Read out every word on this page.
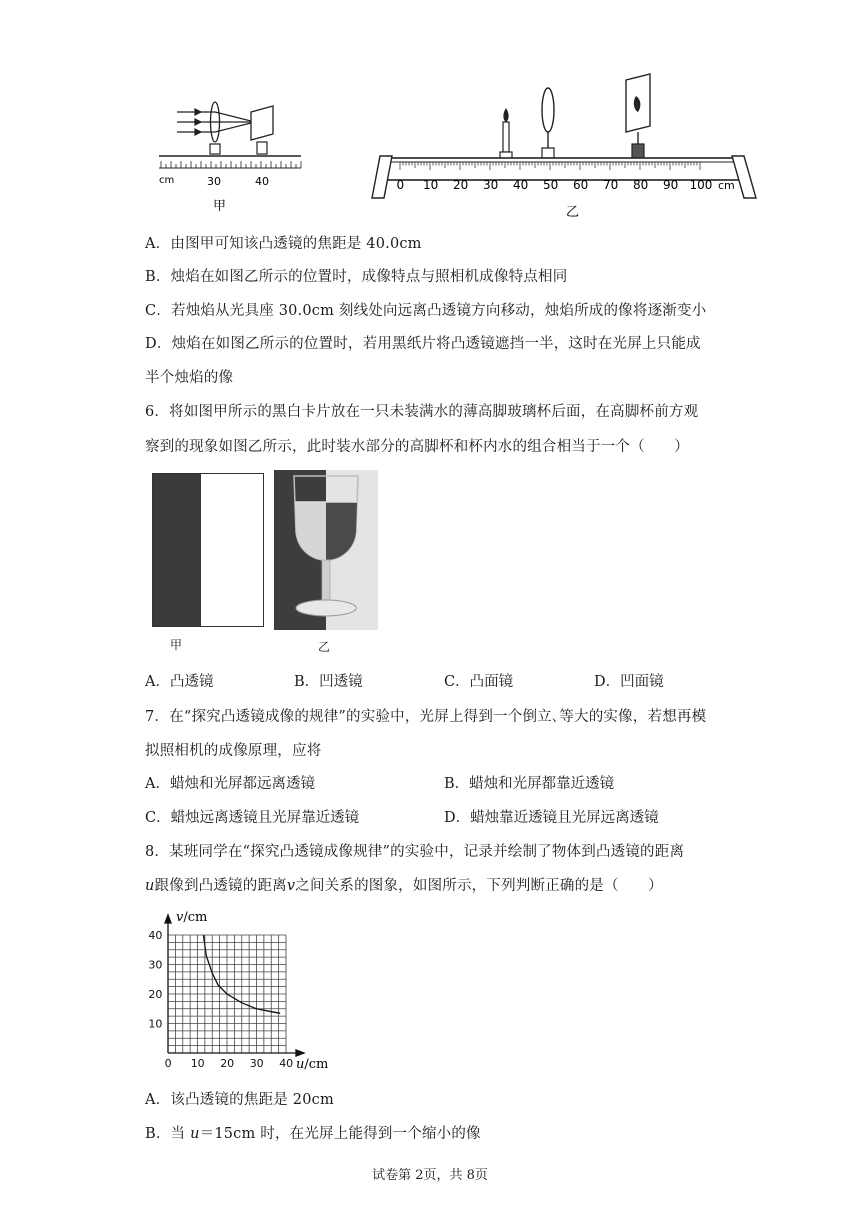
cm	30	40
甲
0 10 20 30 40 50 60 70 80 90 100 cm
乙
A．由图甲可知该凸透镜的焦距是 40.0cm
B．烛焰在如图乙所示的位置时，成像特点与照相机成像特点相同
C．若烛焰从光具座 30.0cm 刻线处向远离凸透镜方向移动，烛焰所成的像将逐渐变小
D．烛焰在如图乙所示的位置时，若用黑纸片将凸透镜遮挡一半，这时在光屏上只能成
半个烛焰的像
6．将如图甲所示的黑白卡片放在一只未装满水的薄高脚玻璃杯后面，在高脚杯前方观
察到的现象如图乙所示，此时装水部分的高脚杯和杯内水的组合相当于一个（　　）
甲	乙
A．凸透镜	B．凹透镜	C．凸面镜	D．凹面镜
7．在“探究凸透镜成像的规律”的实验中，光屏上得到一个倒立､等大的实像，若想再模
拟照相机的成像原理，应将
A．蜡烛和光屏都远离透镜	B．蜡烛和光屏都靠近透镜
C．蜡烛远离透镜且光屏靠近透镜	D．蜡烛靠近透镜且光屏远离透镜
8．某班同学在“探究凸透镜成像规律”的实验中，记录并绘制了物体到凸透镜的距离
u跟像到凸透镜的距离v之间关系的图象，如图所示，下列判断正确的是（　　）
0 10 20 30 40
10
20
30
40
v/cm
u/cm
A．该凸透镜的焦距是 20cm
B．当 u＝15cm 时，在光屏上能得到一个缩小的像
试卷第 2页，共 8页
